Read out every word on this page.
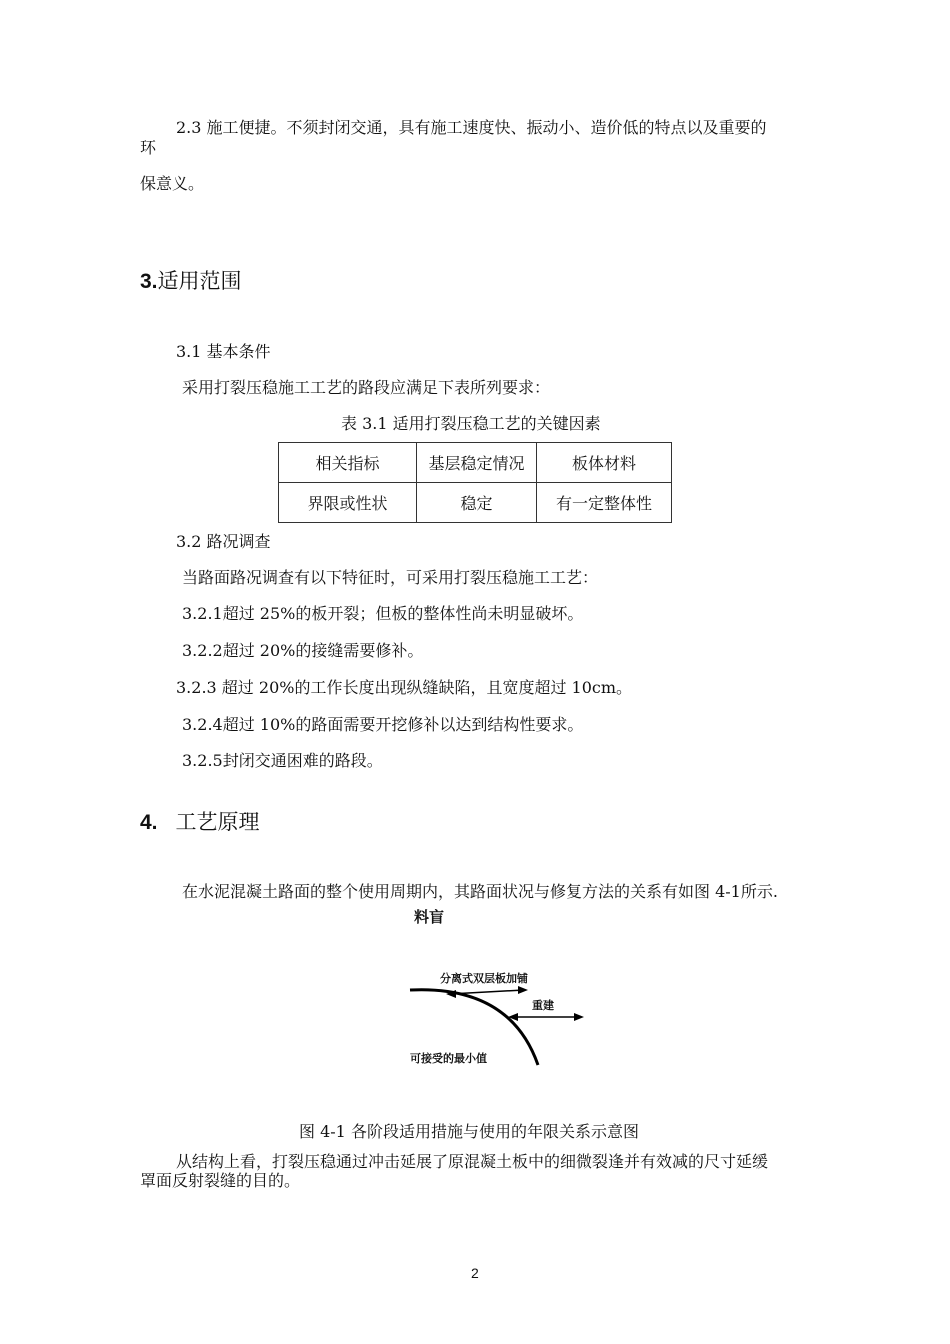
2.3 施工便捷。不须封闭交通，具有施工速度快、振动小、造价低的特点以及重要的

环

保意义。

3.适用范围

3.1 基本条件

采用打裂压稳施工工艺的路段应满足下表所列要求：

表 3.1 适用打裂压稳工艺的关键因素

相关指标	基层稳定情况	板体材料
界限或性状	稳定	有一定整体性

3.2 路况调查

当路面路况调查有以下特征时，可采用打裂压稳施工工艺：

3.2.1超过 25%的板开裂；但板的整体性尚未明显破坏。

3.2.2超过 20%的接缝需要修补。

3.2.3 超过 20%的工作长度出现纵缝缺陷，且宽度超过 10cm。

3.2.4超过 10%的路面需要开挖修补以达到结构性要求。

3.2.5封闭交通困难的路段。

4. 工艺原理

在水泥混凝土路面的整个使用周期内，其路面状况与修复方法的关系有如图 4-1所示.

料盲

分离式双层板加铺
重建
可接受的最小值

图 4-1 各阶段适用措施与使用的年限关系示意图

从结构上看，打裂压稳通过冲击延展了原混凝土板中的细微裂逢并有效减的尺寸延缓

罩面反射裂缝的目的。

2
